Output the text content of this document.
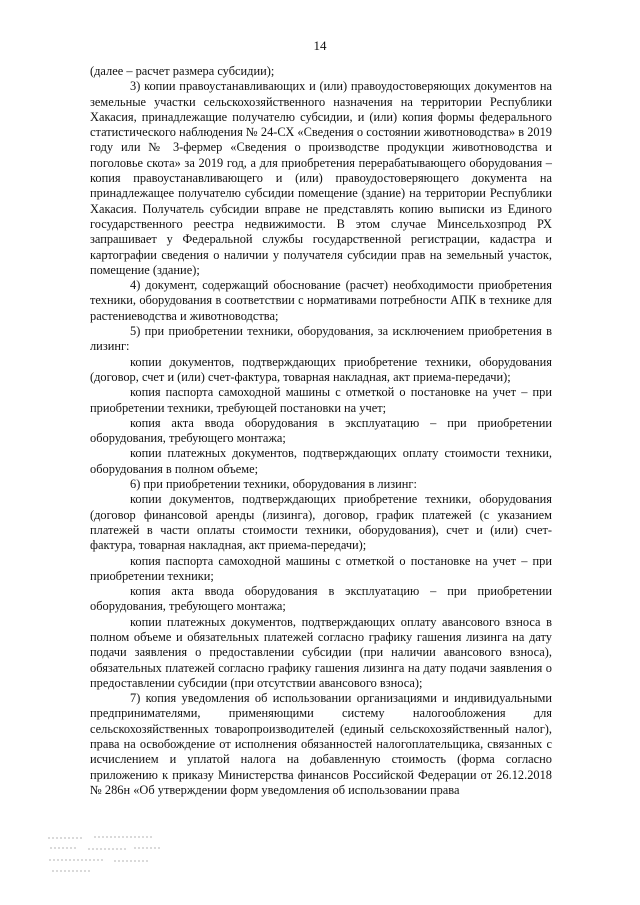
14

(далее – расчет размера субсидии);

3) копии правоустанавливающих и (или) правоудостоверяющих документов на земельные участки сельскохозяйственного назначения на территории Республики Хакасия, принадлежащие получателю субсидии, и (или) копия формы федерального статистического наблюдения № 24-СХ «Сведения о состоянии животноводства» в 2019 году или № 3-фермер «Сведения о производстве продукции животноводства и поголовье скота» за 2019 год, а для приобретения перерабатывающего оборудования – копия правоустанавливающего и (или) правоудостоверяющего документа на принадлежащее получателю субсидии помещение (здание) на территории Республики Хакасия. Получатель субсидии вправе не представлять копию выписки из Единого государственного реестра недвижимости. В этом случае Минсельхозпрод РХ запрашивает у Федеральной службы государственной регистрации, кадастра и картографии сведения о наличии у получателя субсидии прав на земельный участок, помещение (здание);

4) документ, содержащий обоснование (расчет) необходимости приобретения техники, оборудования в соответствии с нормативами потребности АПК в технике для растениеводства и животноводства;

5) при приобретении техники, оборудования, за исключением приобретения в лизинг:

копии документов, подтверждающих приобретение техники, оборудования (договор, счет и (или) счет-фактура, товарная накладная, акт приема-передачи);

копия паспорта самоходной машины с отметкой о постановке на учет – при приобретении техники, требующей постановки на учет;

копия акта ввода оборудования в эксплуатацию – при приобретении оборудования, требующего монтажа;

копии платежных документов, подтверждающих оплату стоимости техники, оборудования в полном объеме;

6) при приобретении техники, оборудования в лизинг:

копии документов, подтверждающих приобретение техники, оборудования (договор финансовой аренды (лизинга), договор, график платежей (с указанием платежей в части оплаты стоимости техники, оборудования), счет и (или) счет-фактура, товарная накладная, акт приема-передачи);

копия паспорта самоходной машины с отметкой о постановке на учет – при приобретении техники;

копия акта ввода оборудования в эксплуатацию – при приобретении оборудования, требующего монтажа;

копии платежных документов, подтверждающих оплату авансового взноса в полном объеме и обязательных платежей согласно графику гашения лизинга на дату подачи заявления о предоставлении субсидии (при наличии авансового взноса), обязательных платежей согласно графику гашения лизинга на дату подачи заявления о предоставлении субсидии (при отсутствии авансового взноса);

7) копия уведомления об использовании организациями и индивидуальными предпринимателями, применяющими систему налогообложения для сельскохозяйственных товаропроизводителей (единый сельскохозяйственный налог), права на освобождение от исполнения обязанностей налогоплательщика, связанных с исчислением и уплатой налога на добавленную стоимость (форма согласно приложению к приказу Министерства финансов Российской Федерации от 26.12.2018 № 286н «Об утверждении форм уведомления об использовании права
